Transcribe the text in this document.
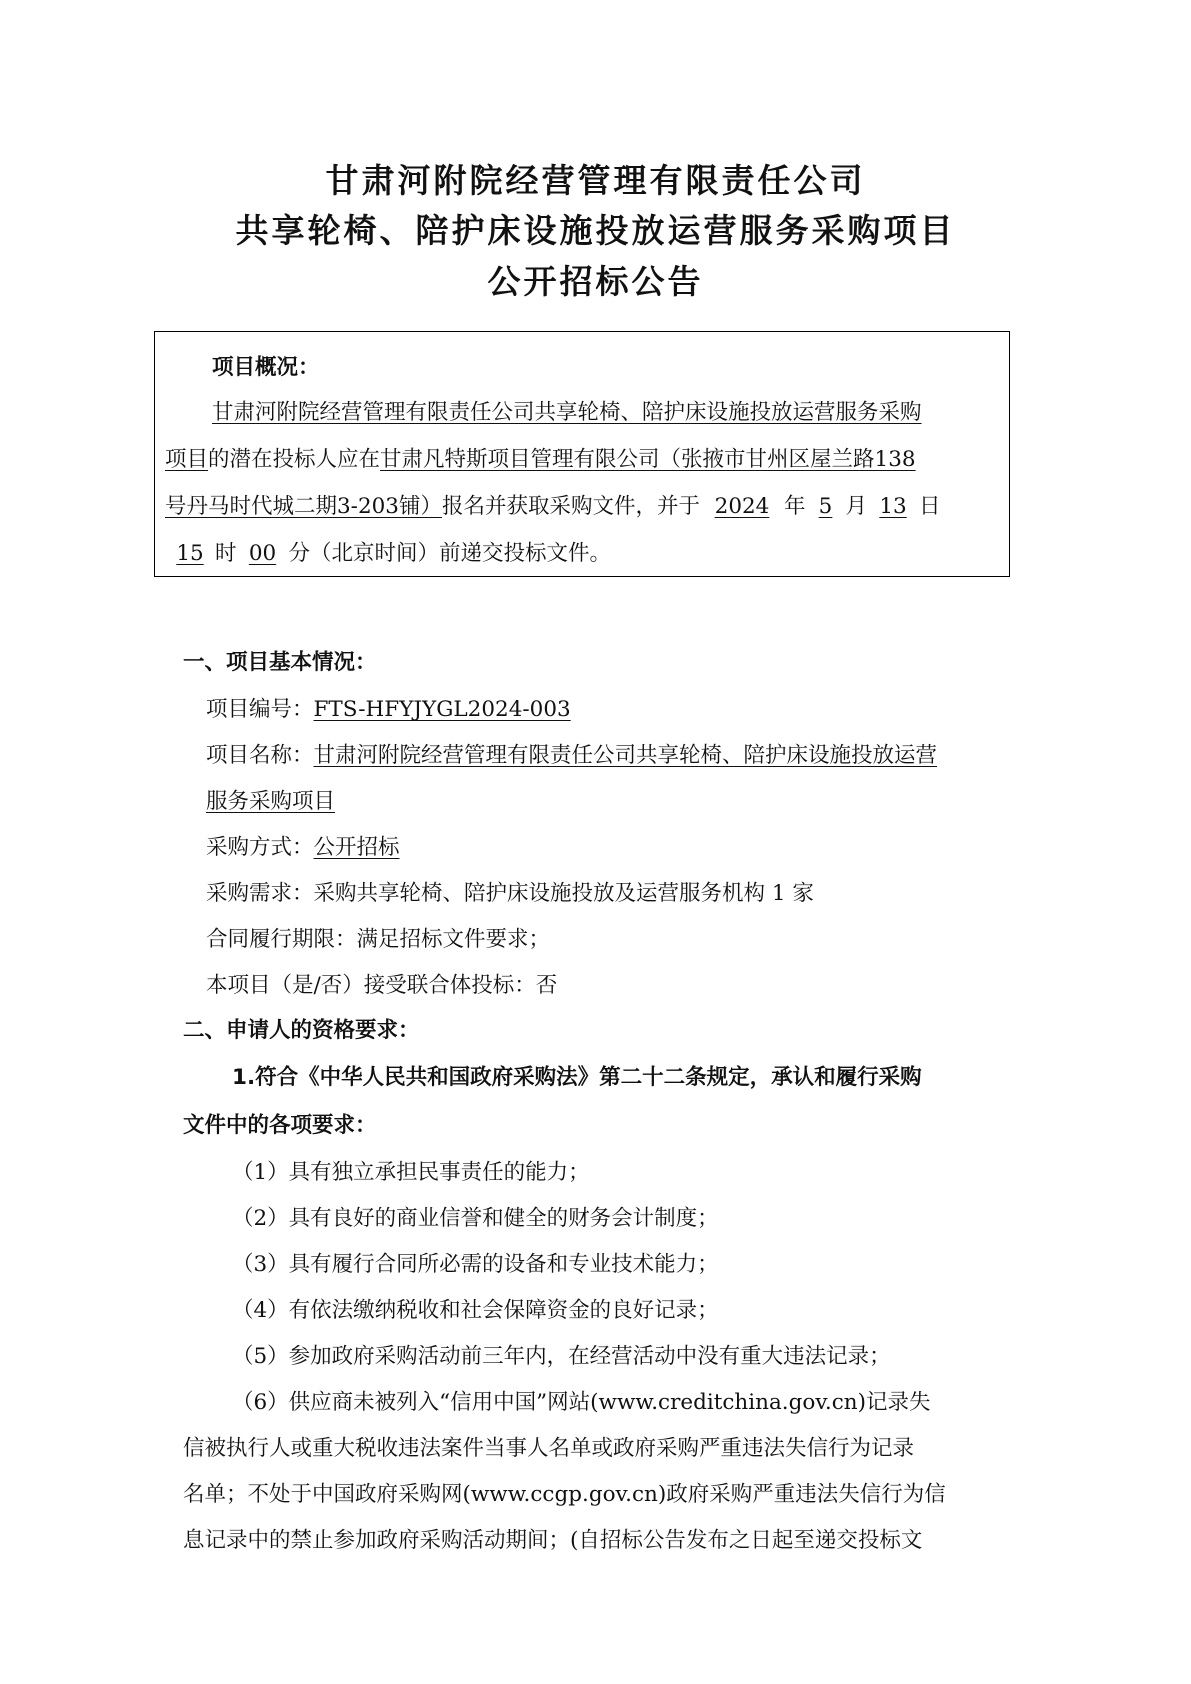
甘肃河附院经营管理有限责任公司
共享轮椅、陪护床设施投放运营服务采购项目
公开招标公告
项目概况：
甘肃河附院经营管理有限责任公司共享轮椅、陪护床设施投放运营服务采购
项目的潜在投标人应在甘肃凡特斯项目管理有限公司（张掖市甘州区屋兰路138
号丹马时代城二期3-203铺）报名并获取采购文件，并于 2024 年 5 月 13 日
15 时 00 分（北京时间）前递交投标文件。
一、项目基本情况：
项目编号：FTS-HFYJYGL2024-003
项目名称：甘肃河附院经营管理有限责任公司共享轮椅、陪护床设施投放运营
服务采购项目
采购方式：公开招标
采购需求：采购共享轮椅、陪护床设施投放及运营服务机构 1 家
合同履行期限：满足招标文件要求；
本项目（是/否）接受联合体投标：否
二、申请人的资格要求：
1.符合《中华人民共和国政府采购法》第二十二条规定，承认和履行采购
文件中的各项要求：
（1）具有独立承担民事责任的能力；
（2）具有良好的商业信誉和健全的财务会计制度；
（3）具有履行合同所必需的设备和专业技术能力；
（4）有依法缴纳税收和社会保障资金的良好记录；
（5）参加政府采购活动前三年内，在经营活动中没有重大违法记录；
（6）供应商未被列入“信用中国”网站(www.creditchina.gov.cn)记录失
信被执行人或重大税收违法案件当事人名单或政府采购严重违法失信行为记录
名单；不处于中国政府采购网(www.ccgp.gov.cn)政府采购严重违法失信行为信
息记录中的禁止参加政府采购活动期间；(自招标公告发布之日起至递交投标文
